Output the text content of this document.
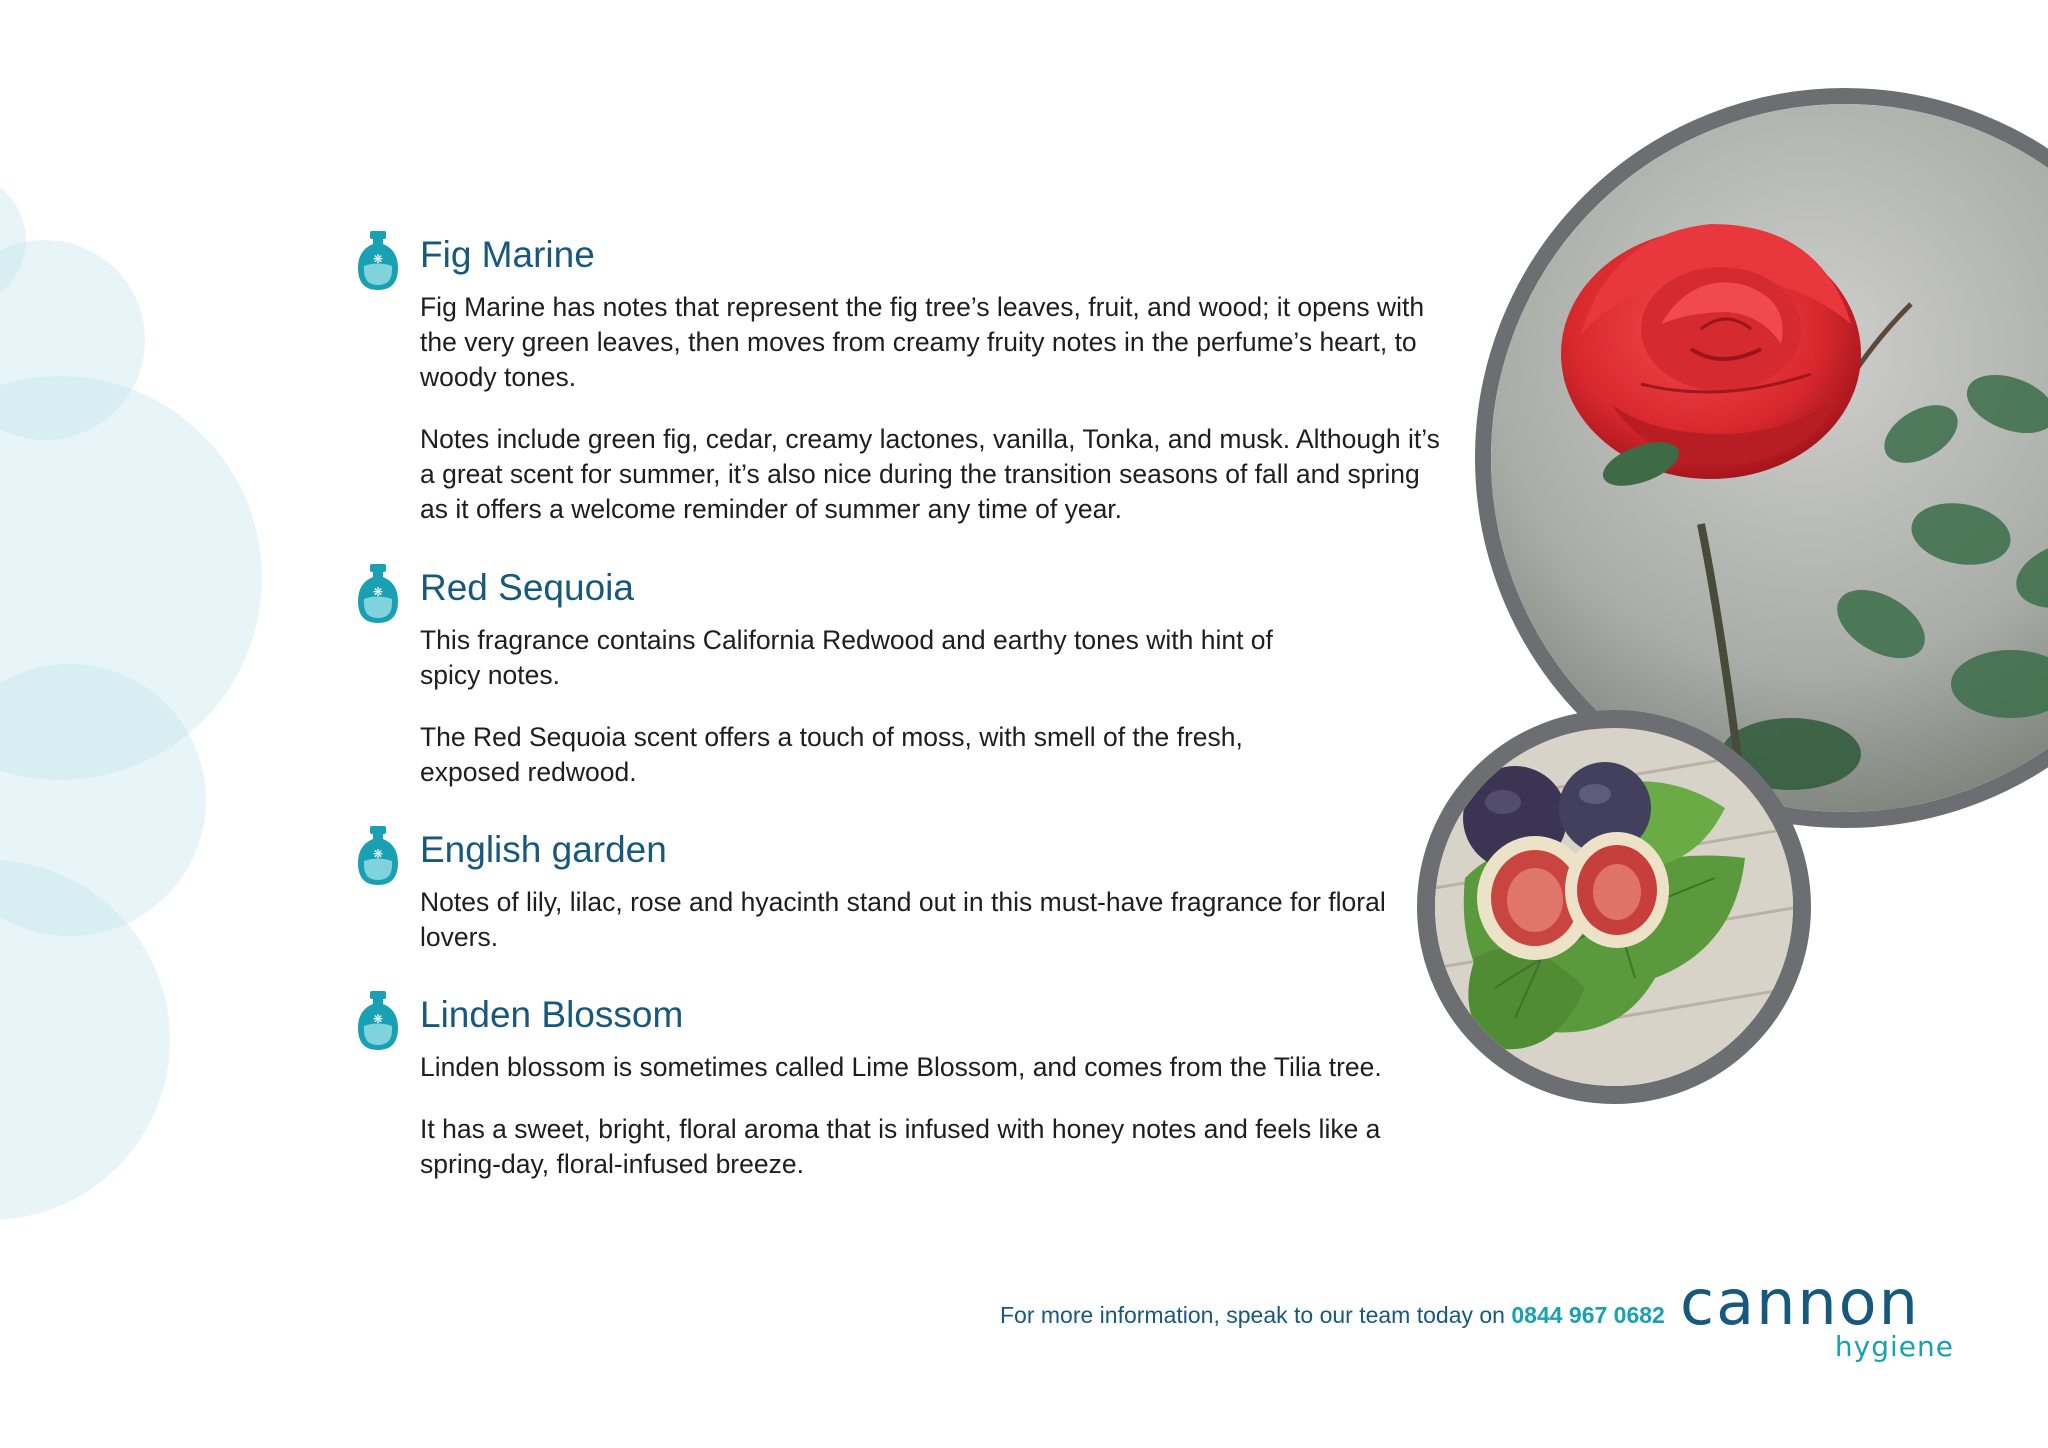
❋ Fig Marine

Fig Marine has notes that represent the fig tree’s leaves, fruit, and wood; it opens with the very green leaves, then moves from creamy fruity notes in the perfume’s heart, to woody tones.

Notes include green fig, cedar, creamy lactones, vanilla, Tonka, and musk. Although it’s a great scent for summer, it’s also nice during the transition seasons of fall and spring as it offers a welcome reminder of summer any time of year.

❋ Red Sequoia

This fragrance contains California Redwood and earthy tones with hint of spicy notes.

The Red Sequoia scent offers a touch of moss, with smell of the fresh, exposed redwood.

❋ English garden

Notes of lily, lilac, rose and hyacinth stand out in this must-have fragrance for floral lovers.

❋ Linden Blossom

Linden blossom is sometimes called Lime Blossom, and comes from the Tilia tree.

It has a sweet, bright, floral aroma that is infused with honey notes and feels like a spring-day, floral-infused breeze.

For more information, speak to our team today on 0844 967 0682 cannon
hygiene
